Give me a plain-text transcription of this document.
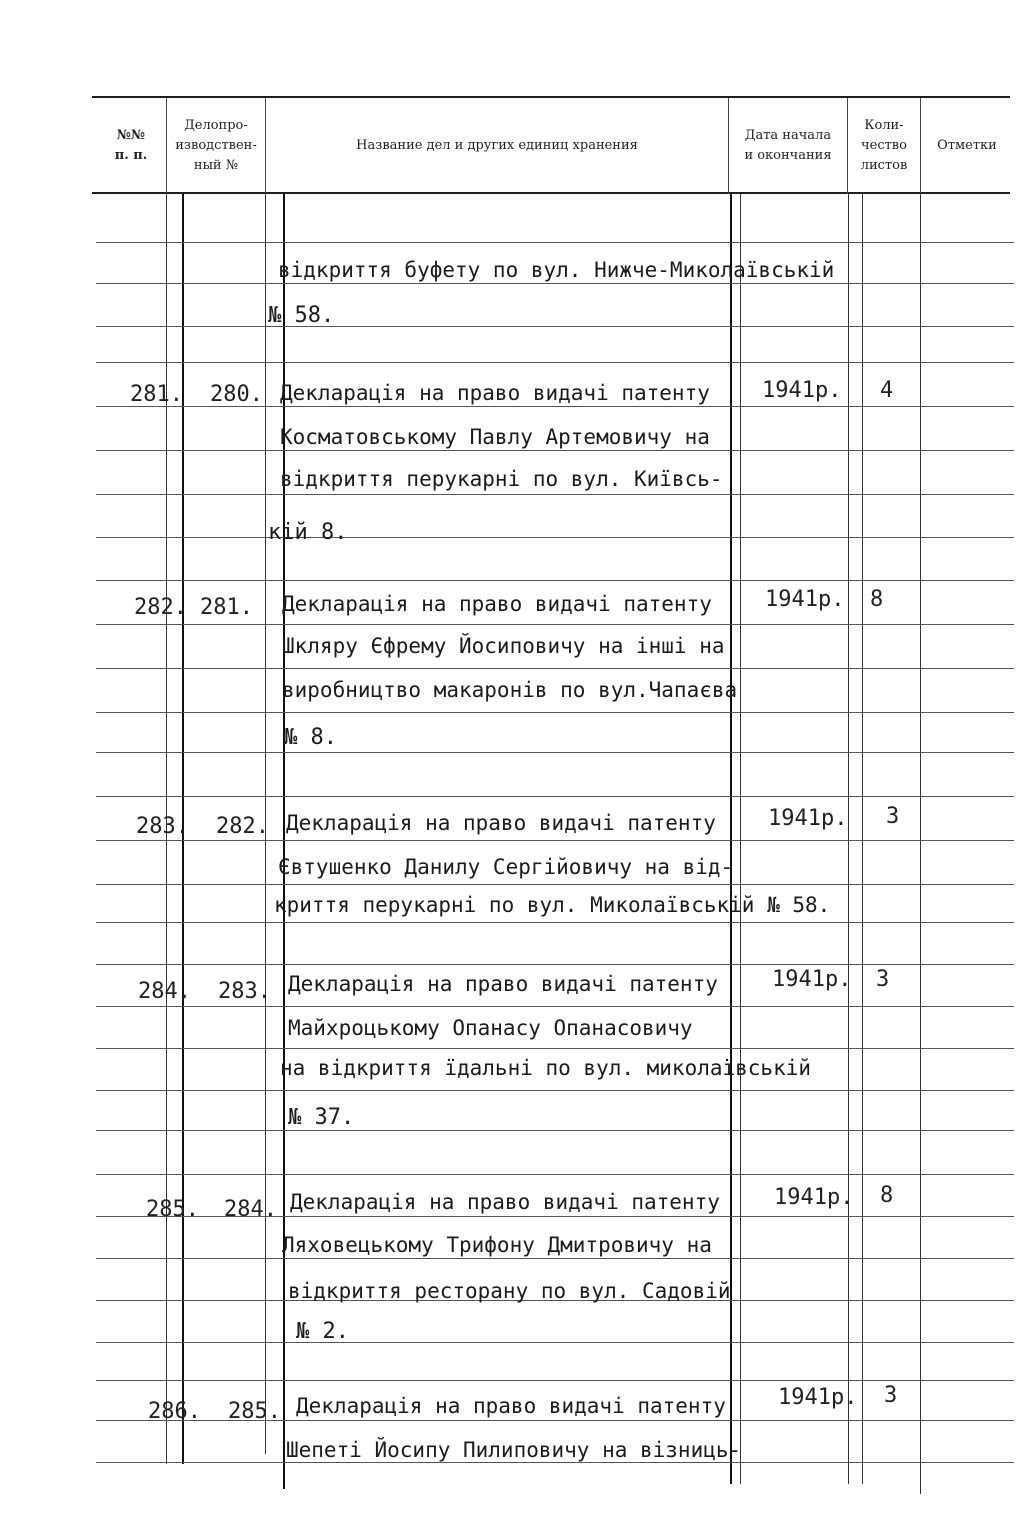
№№
п. п.
Делопро-
изводствен-
ный №
Название дел и других единиц хранения
Дата начала
и окончания
Коли-
чество
листов
Отметки
відкриття буфету по вул. Нижче-Миколаївській
№ 58.
281. 280. Декларація на право видачі патенту
Косматовському Павлу Артемовичу на
відкриття перукарні по вул. Київсь-
кій 8.
1941р. 4
282. 281. Декларація на право видачі патенту
Шкляру Єфрему Йосиповичу на інші на
виробництво макаронів по вул.Чапаєва
№ 8.
1941р. 8
283. 282. Декларація на право видачі патенту
Євтушенко Данилу Сергійовичу на від-
криття перукарні по вул. Миколаївській № 58.
1941р. 3
284. 283. Декларація на право видачі патенту
Майхроцькому Опанасу Опанасовичу
на відкриття їдальні по вул. миколаївській
№ 37.
1941р. 3
285. 284. Декларація на право видачі патенту
Ляховецькому Трифону Дмитровичу на
відкриття ресторану по вул. Садовій
№ 2.
1941р. 8
286. 285. Декларація на право видачі патенту
Шепеті Йосипу Пилиповичу на візниць-
1941р. 3
